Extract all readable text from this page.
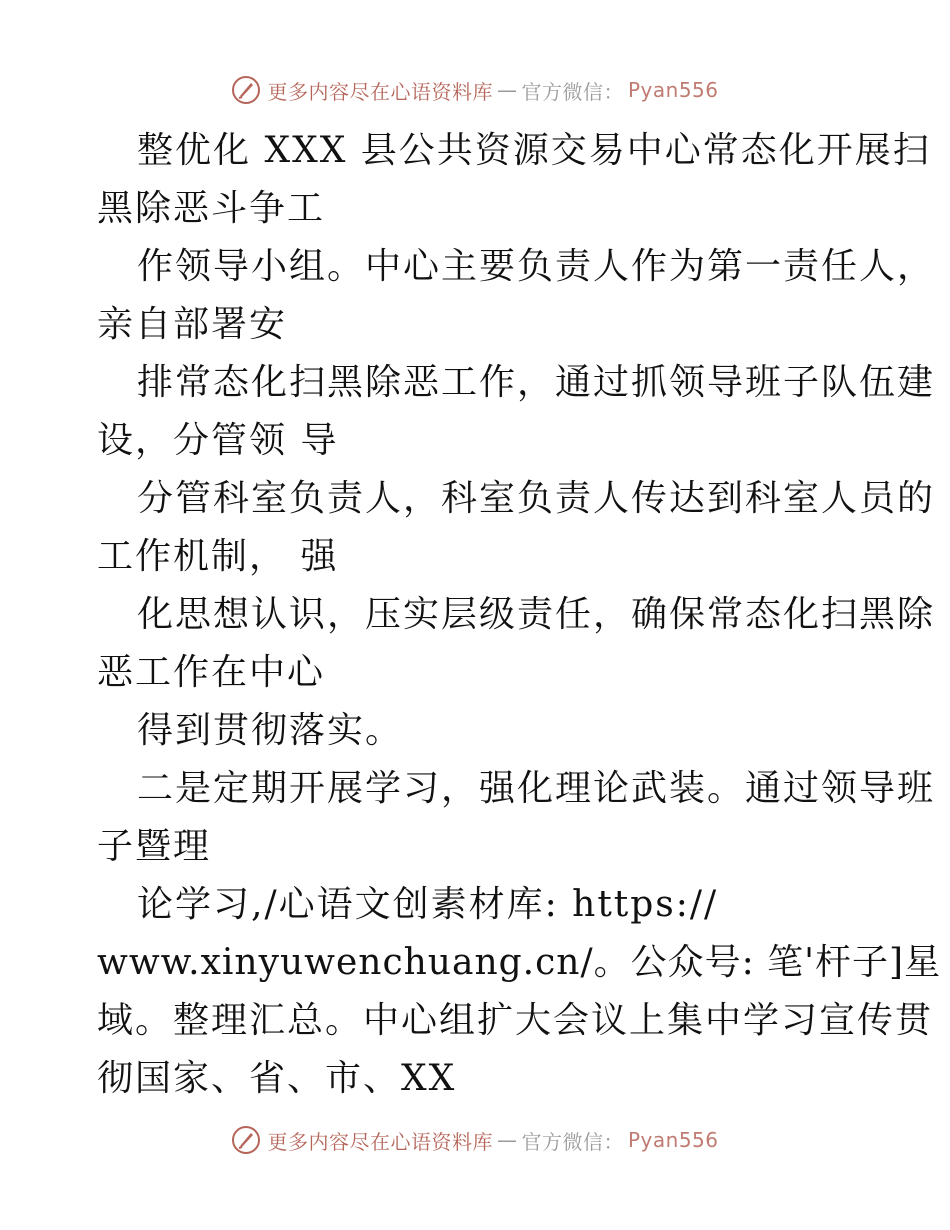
更多内容尽在心语资料库 — 官方微信： Pyan556
整优化 XXX 县公共资源交易中心常态化开展扫
黑除恶斗争工
作领导小组。中心主要负责人作为第一责任人，
亲自部署安
排常态化扫黑除恶工作，通过抓领导班子队伍建
设，分管领 导
分管科室负责人，科室负责人传达到科室人员的
工作机制， 强
化思想认识，压实层级责任，确保常态化扫黑除
恶工作在中心
得到贯彻落实。
二是定期开展学习，强化理论武装。通过领导班
子暨理
论学习,/心语文创素材库: https://
www.xinyuwenchuang.cn/。公众号: 笔'杆子]星
域。整理汇总。中心组扩大会议上集中学习宣传贯
彻国家、省、市、XX
更多内容尽在心语资料库 — 官方微信： Pyan556
